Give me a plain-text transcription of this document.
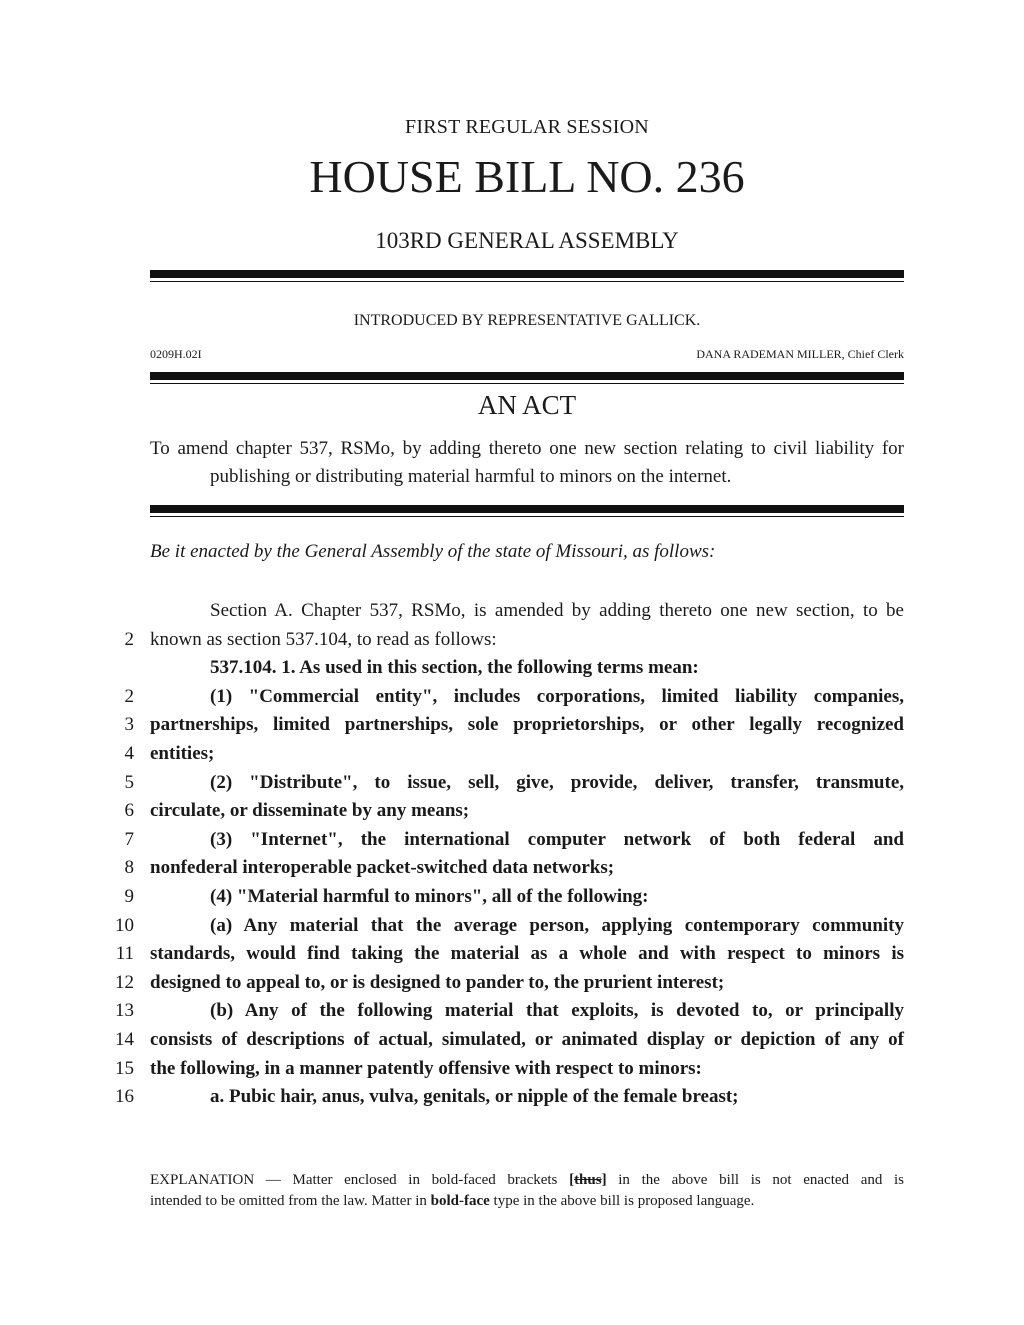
FIRST REGULAR SESSION
HOUSE BILL NO. 236
103RD GENERAL ASSEMBLY
INTRODUCED BY REPRESENTATIVE GALLICK.
0209H.02I	DANA RADEMAN MILLER, Chief Clerk
AN ACT
To amend chapter 537, RSMo, by adding thereto one new section relating to civil liability for
publishing or distributing material harmful to minors on the internet.
Be it enacted by the General Assembly of the state of Missouri, as follows:
Section A. Chapter 537, RSMo, is amended by adding thereto one new section, to be
2 known as section 537.104, to read as follows:
537.104. 1. As used in this section, the following terms mean:
2	(1) "Commercial entity", includes corporations, limited liability companies,
3 partnerships, limited partnerships, sole proprietorships, or other legally recognized
4 entities;
5	(2) "Distribute", to issue, sell, give, provide, deliver, transfer, transmute,
6 circulate, or disseminate by any means;
7	(3) "Internet", the international computer network of both federal and
8 nonfederal interoperable packet-switched data networks;
9	(4) "Material harmful to minors", all of the following:
10	(a) Any material that the average person, applying contemporary community
11 standards, would find taking the material as a whole and with respect to minors is
12 designed to appeal to, or is designed to pander to, the prurient interest;
13	(b) Any of the following material that exploits, is devoted to, or principally
14 consists of descriptions of actual, simulated, or animated display or depiction of any of
15 the following, in a manner patently offensive with respect to minors:
16	a. Pubic hair, anus, vulva, genitals, or nipple of the female breast;
EXPLANATION — Matter enclosed in bold-faced brackets [thus] in the above bill is not enacted and is
intended to be omitted from the law. Matter in bold-face type in the above bill is proposed language.
